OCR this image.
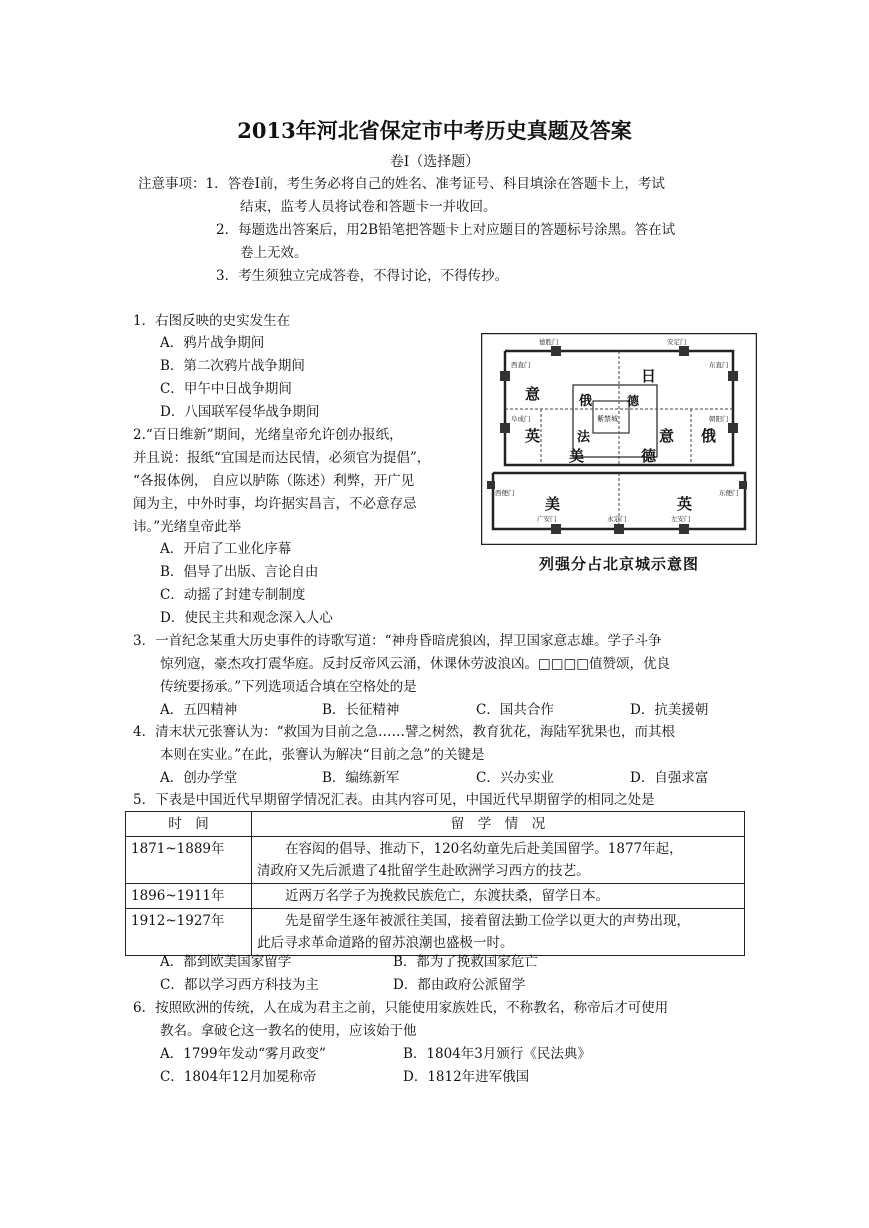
2013年河北省保定市中考历史真题及答案
卷Ⅰ（选择题）
注意事项：1．答卷Ⅰ前，考生务必将自己的姓名、准考证号、科目填涂在答题卡上，考试
结束，监考人员将试卷和答题卡一并收回。
2．每题选出答案后，用2B铅笔把答题卡上对应题目的答题标号涂黑。答在试
卷上无效。
3．考生须独立完成答卷，不得讨论，不得传抄。
1．右图反映的史实发生在
A．鸦片战争期间
B．第二次鸦片战争期间
C．甲午中日战争期间
D．八国联军侵华战争期间
德胜门	安定门
西直门	东直门
阜成门	朝阳门
西便门	东便门
广安门	左安门
永定门
日
意	俄
英	法	意 俄
美	德
美	英
德
紫禁城
列强分占北京城示意图
2.“百日维新”期间，光绪皇帝允许创办报纸，
并且说：报纸“宜国是而达民情，必须官为提倡”，
“各报体例， 自应以胪陈（陈述）利弊，开广见
闻为主，中外时事，均许据实昌言，不必意存忌
讳。”光绪皇帝此举
A．开启了工业化序幕
B．倡导了出版、言论自由
C．动摇了封建专制制度
D．使民主共和观念深入人心
3．一首纪念某重大历史事件的诗歌写道：“神舟昏暗虎狼凶，捍卫国家意志雄。学子斗争
惊列寇，豪杰攻打震华庭。反封反帝风云涌，休课休劳波浪凶。□□□□值赞颂，优良
传统要扬承。”下列选项适合填在空格处的是
A．五四精神	B．长征精神	C．国共合作	D．抗美援朝
4．清末状元张謇认为：“救国为目前之急……譬之树然，教育犹花，海陆军犹果也，而其根
本则在实业。”在此，张謇认为解决“目前之急”的关键是
A．创办学堂	B．编练新军	C．兴办实业	D．自强求富
5．下表是中国近代早期留学情况汇表。由其内容可见，中国近代早期留学的相同之处是
时　间	留　学　情　况
1871~1889年	在容闳的倡导、推动下，120名幼童先后赴美国留学。1877年起，
清政府又先后派遣了4批留学生赴欧洲学习西方的技艺。

1896~1911年	近两万名学子为挽救民族危亡，东渡扶桑，留学日本。

1912~1927年	先是留学生逐年被派往美国，接着留法勤工俭学以更大的声势出现，
此后寻求革命道路的留苏浪潮也盛极一时。
A．都到欧美国家留学	B．都为了挽救国家危亡
C．都以学习西方科技为主	D．都由政府公派留学
6．按照欧洲的传统，人在成为君主之前，只能使用家族姓氏，不称教名，称帝后才可使用
教名。拿破仑这一教名的使用，应该始于他
A．1799年发动“雾月政变”	B．1804年3月颁行《民法典》
C．1804年12月加冕称帝	D．1812年进军俄国
